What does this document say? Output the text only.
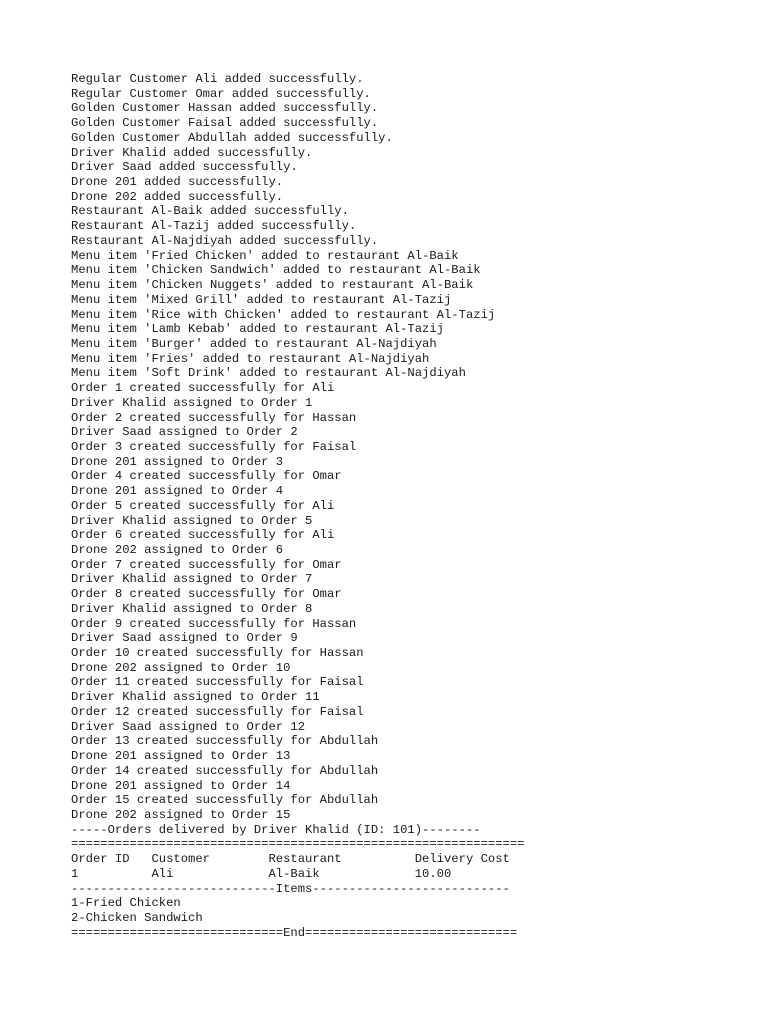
Regular Customer Ali added successfully.
Regular Customer Omar added successfully.
Golden Customer Hassan added successfully.
Golden Customer Faisal added successfully.
Golden Customer Abdullah added successfully.
Driver Khalid added successfully.
Driver Saad added successfully.
Drone 201 added successfully.
Drone 202 added successfully.
Restaurant Al-Baik added successfully.
Restaurant Al-Tazij added successfully.
Restaurant Al-Najdiyah added successfully.
Menu item 'Fried Chicken' added to restaurant Al-Baik
Menu item 'Chicken Sandwich' added to restaurant Al-Baik
Menu item 'Chicken Nuggets' added to restaurant Al-Baik
Menu item 'Mixed Grill' added to restaurant Al-Tazij
Menu item 'Rice with Chicken' added to restaurant Al-Tazij
Menu item 'Lamb Kebab' added to restaurant Al-Tazij
Menu item 'Burger' added to restaurant Al-Najdiyah
Menu item 'Fries' added to restaurant Al-Najdiyah
Menu item 'Soft Drink' added to restaurant Al-Najdiyah
Order 1 created successfully for Ali
Driver Khalid assigned to Order 1
Order 2 created successfully for Hassan
Driver Saad assigned to Order 2
Order 3 created successfully for Faisal
Drone 201 assigned to Order 3
Order 4 created successfully for Omar
Drone 201 assigned to Order 4
Order 5 created successfully for Ali
Driver Khalid assigned to Order 5
Order 6 created successfully for Ali
Drone 202 assigned to Order 6
Order 7 created successfully for Omar
Driver Khalid assigned to Order 7
Order 8 created successfully for Omar
Driver Khalid assigned to Order 8
Order 9 created successfully for Hassan
Driver Saad assigned to Order 9
Order 10 created successfully for Hassan
Drone 202 assigned to Order 10
Order 11 created successfully for Faisal
Driver Khalid assigned to Order 11
Order 12 created successfully for Faisal
Driver Saad assigned to Order 12
Order 13 created successfully for Abdullah
Drone 201 assigned to Order 13
Order 14 created successfully for Abdullah
Drone 201 assigned to Order 14
Order 15 created successfully for Abdullah
Drone 202 assigned to Order 15
-----Orders delivered by Driver Khalid (ID: 101)--------
==============================================================
Order ID   Customer        Restaurant          Delivery Cost
1          Ali             Al-Baik             10.00
----------------------------Items---------------------------
1-Fried Chicken
2-Chicken Sandwich
=============================End=============================
